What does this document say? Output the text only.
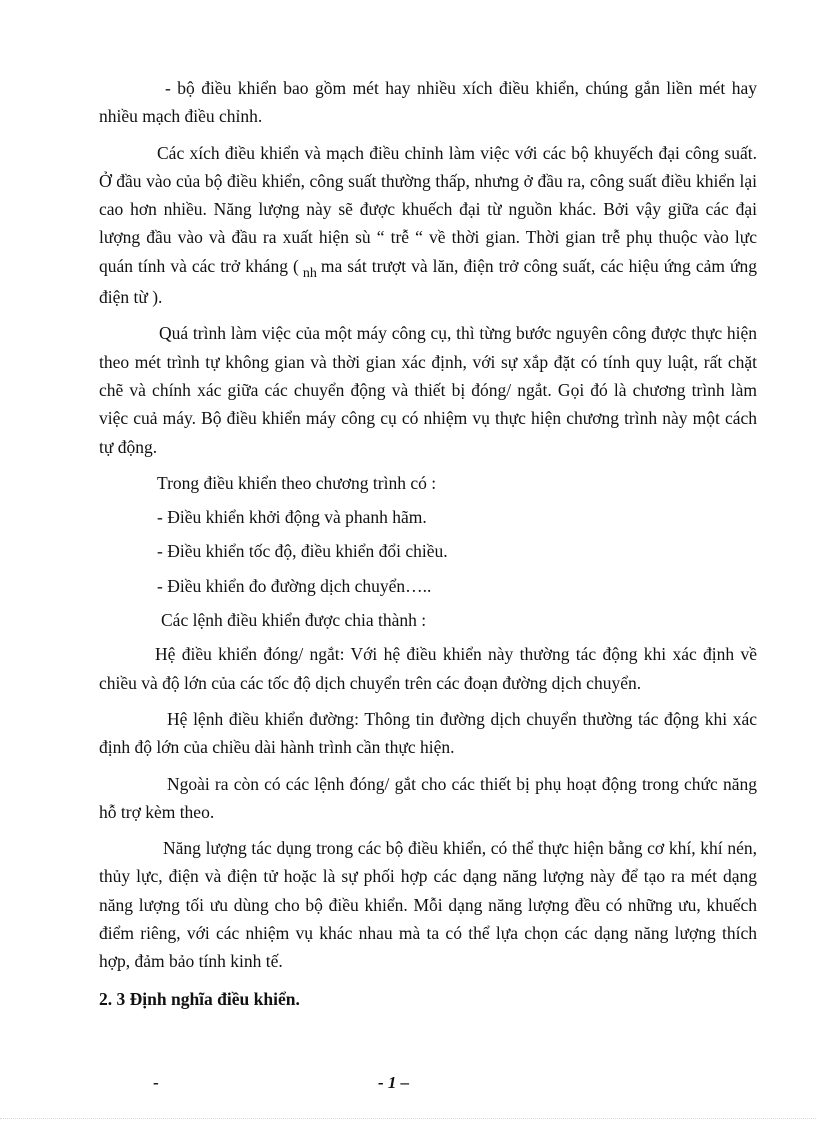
- bộ điều khiển bao gồm mét hay nhiều xích điều khiển, chúng gắn liền mét hay nhiều mạch điều chỉnh.

Các xích điều khiển và mạch điều chỉnh làm việc với các bộ khuyếch đại công suất. Ở đầu vào của bộ điều khiển, công suất thường thấp, nhưng ở đầu ra, công suất điều khiển lại cao hơn nhiều. Năng lượng này sẽ được khuếch đại từ nguồn khác. Bởi vậy giữa các đại lượng đầu vào và đầu ra xuất hiện sù “ trễ “ về thời gian. Thời gian trễ phụ thuộc vào lực quán tính và các trở kháng ( $_{nh}$ ma sát trượt và lăn, điện trở công suất, các hiệu ứng cảm ứng điện từ ).

Quá trình làm việc của một máy công cụ, thì từng bước nguyên công được thực hiện theo mét trình tự không gian và thời gian xác định, với sự xắp đặt có tính quy luật, rất chặt chẽ và chính xác giữa các chuyển động và thiết bị đóng/ ngắt. Gọi đó là chương trình làm việc cuả máy. Bộ điều khiển máy công cụ có nhiệm vụ thực hiện chương trình này một cách tự động.

Trong điều khiển theo chương trình có :

- Điều khiển khởi động và phanh hãm.

- Điều khiển tốc độ, điều khiển đổi chiều.

- Điều khiển đo đường dịch chuyển…..

Các lệnh điều khiển được chia thành :

Hệ điều khiển đóng/ ngắt: Với hệ điều khiển này thường tác động khi xác định về chiều và độ lớn của các tốc độ dịch chuyển trên các đoạn đường dịch chuyển.

Hệ lệnh điều khiển đường: Thông tin đường dịch chuyển thường tác động khi xác định độ lớn của chiều dài hành trình cần thực hiện.

Ngoài ra còn có các lệnh đóng/ gắt cho các thiết bị phụ hoạt động trong chức năng hỗ trợ kèm theo.

Năng lượng tác dụng trong các bộ điều khiển, có thể thực hiện bằng cơ khí, khí nén, thủy lực, điện và điện tử hoặc là sự phối hợp các dạng năng lượng này để tạo ra mét dạng năng lượng tối ưu dùng cho bộ điều khiển. Mỗi dạng năng lượng đều có những ưu, khuếch điểm riêng, với các nhiệm vụ khác nhau mà ta có thể lựa chọn các dạng năng lượng thích hợp, đảm bảo tính kinh tế.

2. 3 Định nghĩa điều khiển.

-	- 1 –
